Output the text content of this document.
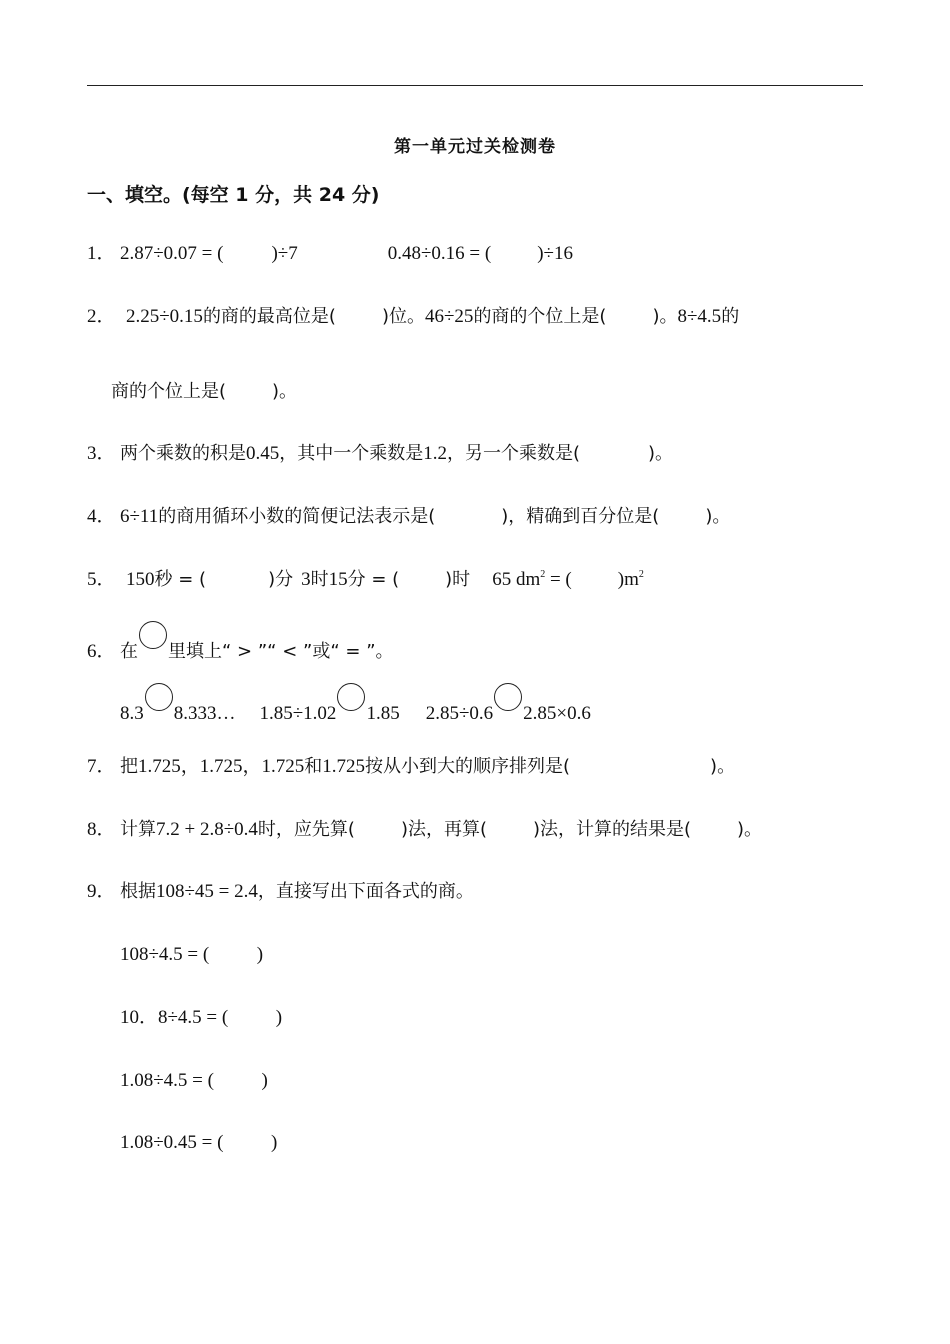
第一单元过关检测卷
一、填空。(每空 1 分，共 24 分)
1． 2.87÷0.07 = (	)÷7	0.48÷0.16 = ( )÷16
2． 2.25÷0.15的商的最高位是(	)位。46÷25的商的个位上是(	)。8÷4.5的
商的个位上是(	)。
3． 两个乘数的积是0.45，其中一个乘数是1.2，另一个乘数是(	)。
4． 6÷11的商用循环小数的简便记法表示是(	)，精确到百分位是(	)。
5． 150秒 = (	)分 3时15分 = (	)时 65 $dm^2$ = ( )$m^2$
6． 在 里填上“ > ”“ < ”或“ = ”。
8.3 8.333… 1.85÷1.02 1.85 2.85÷0.6 2.85×0.6
7． 把1.725，1.725，1.725和1.725按从小到大的顺序排列是(	)。
8． 计算7.2 + 2.8÷0.4时，应先算(	)法，再算(	)法，计算的结果是(	)。
9． 根据108÷45 = 2.4，直接写出下面各式的商。
108÷4.5 = (          )
10．8÷4.5 = (          )
1.08÷4.5 = (          )
1.08÷0.45 = (          )
